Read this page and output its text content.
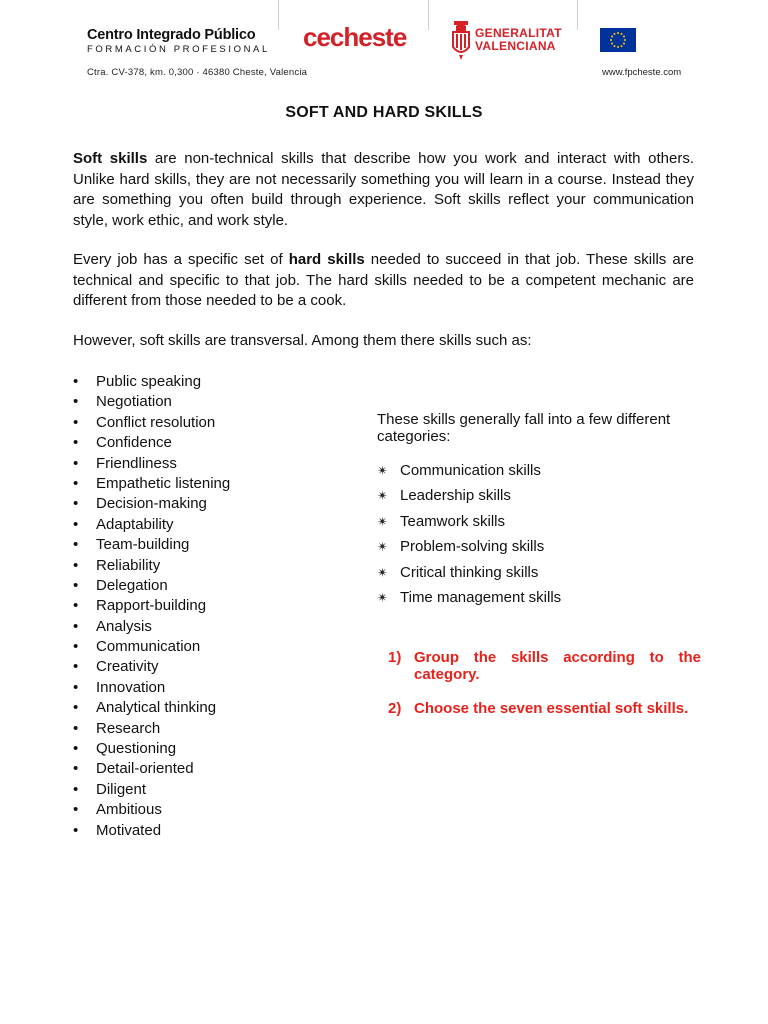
Centro Integrado Público
FORMACIÓN PROFESIONAL cecheste	GENERALITAT
VALENCIANA
Ctra. CV-378, km. 0,300 · 46380 Cheste, Valencia	www.fpcheste.com
SOFT AND HARD SKILLS
Soft skills are non-technical skills that describe how you work and interact with others. Unlike hard skills, they are not necessarily something you will learn in a course. Instead they are something you often build through experience. Soft skills reflect your communication style, work ethic, and work style.
Every job has a specific set of hard skills needed to succeed in that job. These skills are technical and specific to that job. The hard skills needed to be a competent mechanic are different from those needed to be a cook.
However, soft skills are transversal. Among them there skills such as:
• Public speaking
• Negotiation
• Conflict resolution
• Confidence
• Friendliness
• Empathetic listening
• Decision-making
• Adaptability
• Team-building
• Reliability
• Delegation
• Rapport-building
• Analysis
• Communication
• Creativity
• Innovation
• Analytical thinking
• Research
• Questioning
• Detail-oriented
• Diligent
• Ambitious
• Motivated
These skills generally fall into a few different categories:
✴ Communication skills
✴ Leadership skills
✴ Teamwork skills
✴ Problem-solving skills
✴ Critical thinking skills
✴ Time management skills
1) Group the skills according to the category.
2) Choose the seven essential soft skills.
